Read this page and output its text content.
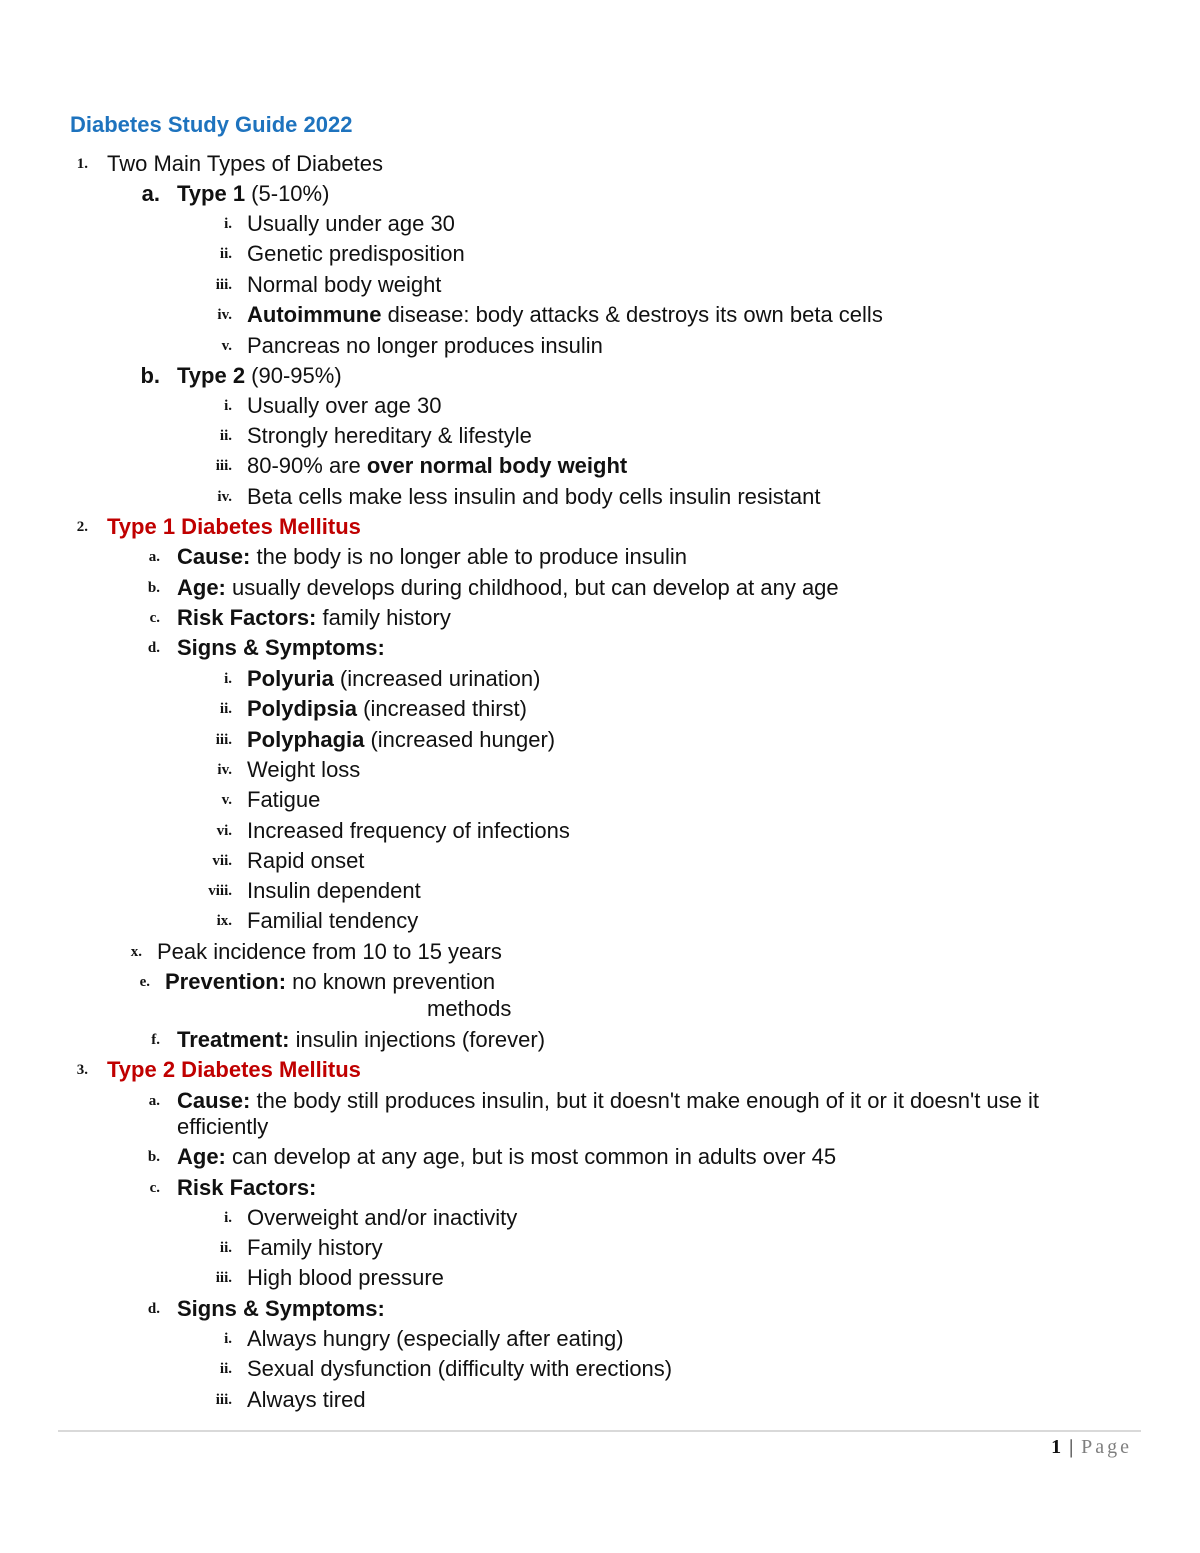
Diabetes Study Guide 2022
1. Two Main Types of Diabetes
a. Type 1 (5-10%)
i. Usually under age 30
ii. Genetic predisposition
iii. Normal body weight
iv. Autoimmune disease: body attacks & destroys its own beta cells
v. Pancreas no longer produces insulin
b. Type 2 (90-95%)
i. Usually over age 30
ii. Strongly hereditary & lifestyle
iii. 80-90% are over normal body weight
iv. Beta cells make less insulin and body cells insulin resistant
2. Type 1 Diabetes Mellitus
a. Cause: the body is no longer able to produce insulin
b. Age: usually develops during childhood, but can develop at any age
c. Risk Factors: family history
d. Signs & Symptoms:
i. Polyuria (increased urination)
ii. Polydipsia (increased thirst)
iii. Polyphagia (increased hunger)
iv. Weight loss
v. Fatigue
vi. Increased frequency of infections
vii. Rapid onset
viii. Insulin dependent
ix. Familial tendency
x. Peak incidence from 10 to 15 years
e. Prevention: no known prevention
methods
f. Treatment: insulin injections (forever)
3. Type 2 Diabetes Mellitus
a. Cause: the body still produces insulin, but it doesn't make enough of it or it doesn't use it
efficiently
b. Age: can develop at any age, but is most common in adults over 45
c. Risk Factors:
i. Overweight and/or inactivity
ii. Family history
iii. High blood pressure
d. Signs & Symptoms:
i. Always hungry (especially after eating)
ii. Sexual dysfunction (difficulty with erections)
iii. Always tired
1 | Page
